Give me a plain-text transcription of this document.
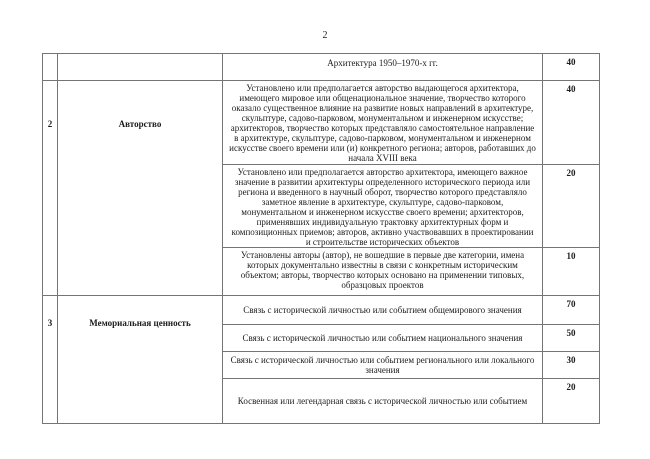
2
		Архитектура 1950–1970-х гг.	40
2	Авторство	Установлено или предполагается авторство выдающегося архитектора, имеющего мировое или общенациональное значение, творчество которого оказало существенное влияние на развитие новых направлений в архитектуре, скульптуре, садово-парковом, монументальном и инженерном искусстве; архитекторов, творчество которых представляло самостоятельное направление в архитектуре, скульптуре, садово-парковом, монументальном и инженерном искусстве своего времени или (и) конкретного региона; авторов, работавших до начала XVIII века	40
		Установлено или предполагается авторство архитектора, имеющего важное значение в развитии архитектуры определенного исторического периода или региона и введенного в научный оборот, творчество которого представляло заметное явление в архитектуре, скульптуре, садово-парковом, монументальном и инженерном искусстве своего времени; архитекторов, применявших индивидуальную трактовку архитектурных форм и композиционных приемов; авторов, активно участвовавших в проектировании и строительстве исторических объектов	20
		Установлены авторы (автор), не вошедшие в первые две категории, имена которых документально известны в связи с конкретным историческим объектом; авторы, творчество которых основано на применении типовых, образцовых проектов	10
3	Мемориальная ценность	Связь с исторической личностью или событием общемирового значения	70
		Связь с исторической личностью или событием национального значения	50
		Связь с исторической личностью или событием регионального или локального значения	30
		Косвенная или легендарная связь с исторической личностью или событием	20
